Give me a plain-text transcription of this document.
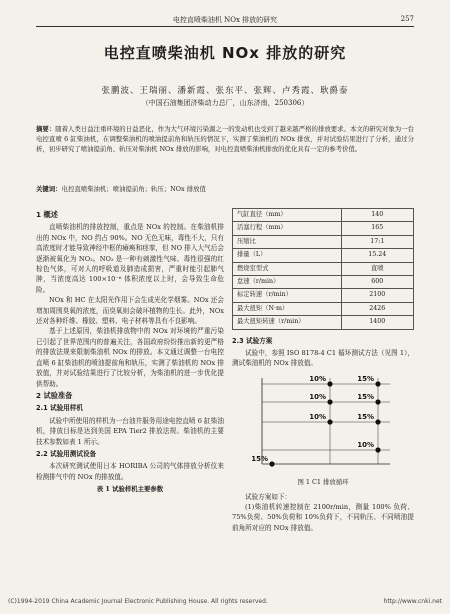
电控直喷柴油机 NOx 排放的研究	257
电控直喷柴油机 NOx 排放的研究
张鹏波、王瑞丽、潘新霞、张东平、张辉、卢秀霞、耿爵泰
（中国石油集团济柴动力总厂，山东济南，250306）
摘要：随着人类日益注重环境的日益恶化，作为大气环境污染源之一的发动机也受到了越来越严格的排放要求。本文的研究对象为一台电控直喷 6 缸柴油机，在调整柴油机的喷油提前角和轨压的情况下，实测了柴油机的 NOx 排放，并对试验结果进行了分析，通过分析，初步研究了喷油提前角、轨压对柴油机 NOx 排放的影响，对电控直喷柴油机排放的优化具有一定的参考价值。
关键词：电控直喷柴油机；喷油提前角；轨压；NOx 排放值
1 概述

直喷柴油机的排放控制，重点是 NOx 的控制。在柴油机排出的 NOx 中，NO 约占 90%。NO 无色无味，毒性不大，只有高浓度时才能导致神经中枢的瘫痪和痉挛，但 NO 排入大气后会逐渐被氧化为 NO₂。NO₂ 是一种有刺激性气味、毒性很强的红棕色气体，可对人的呼吸道及肺造成损害，严重时能引起肺气肿，当浓度高达 100×10⁻⁶ 体积浓度以上时，会导致生命危险。

NOx 和 HC 在太阳光作用下会生成光化学烟雾。NOx 还会增加周围臭氧的浓度，而臭氧则会破坏植物的生长。此外，NOx 还对各种纤维、橡胶、塑料、电子材料等具有不良影响。

基于上述原因，柴油机排放物中的 NOx 对环境的严重污染已引起了世界范围内的普遍关注，各国政府纷纷推出新的更严格的排放法规来限制柴油机 NOx 的排放。本文通过调整一台电控直喷 6 缸柴油机的喷油提前角和轨压，实测了柴油机的 NOx 排放值，并对试验结果进行了比较分析，为柴油机的进一步优化提供帮助。

2 试验准备
2.1 试验用样机

试验中所使用的样机为一台油井服务用途电控直喷 6 缸柴油机，排放目标是达到美国 EPA Tier2 排放法规。柴油机的主要技术参数如表 1 所示。

2.2 试验用测试设备

本次研究测试使用日本 HORIBA 公司的气体排放分析仪来检测排气中的 NOx 的排放值。

表 1 试验样机主要参数
气缸直径（mm）	140
活塞行程（mm）	165
压缩比	17:1
排量（L）	15.24
燃烧室型式	直喷
怠速（r/min）	600
标定转速（r/min）	2100
最大扭矩（N·m）	2426
最大扭矩转速（r/min）	1400
2.3 试验方案

试验中，参照 ISO 8178-4 C1 循环测试方法（见图 1），测试柴油机的 NOx 排放值。

15%
10%
10%
10%
15%
15%
15%
10%
图 1 C1 排放循环

试验方案如下：

(1)柴油机转速控制在 2100r/min，测量 100% 负荷、75%负荷、50%负荷和 10%负荷下，不同轨压、不同喷油提前角所对应的 NOx 排放值。

(C)1994-2019 China Academic Journal Electronic Publishing House. All rights reserved.	http://www.cnki.net
